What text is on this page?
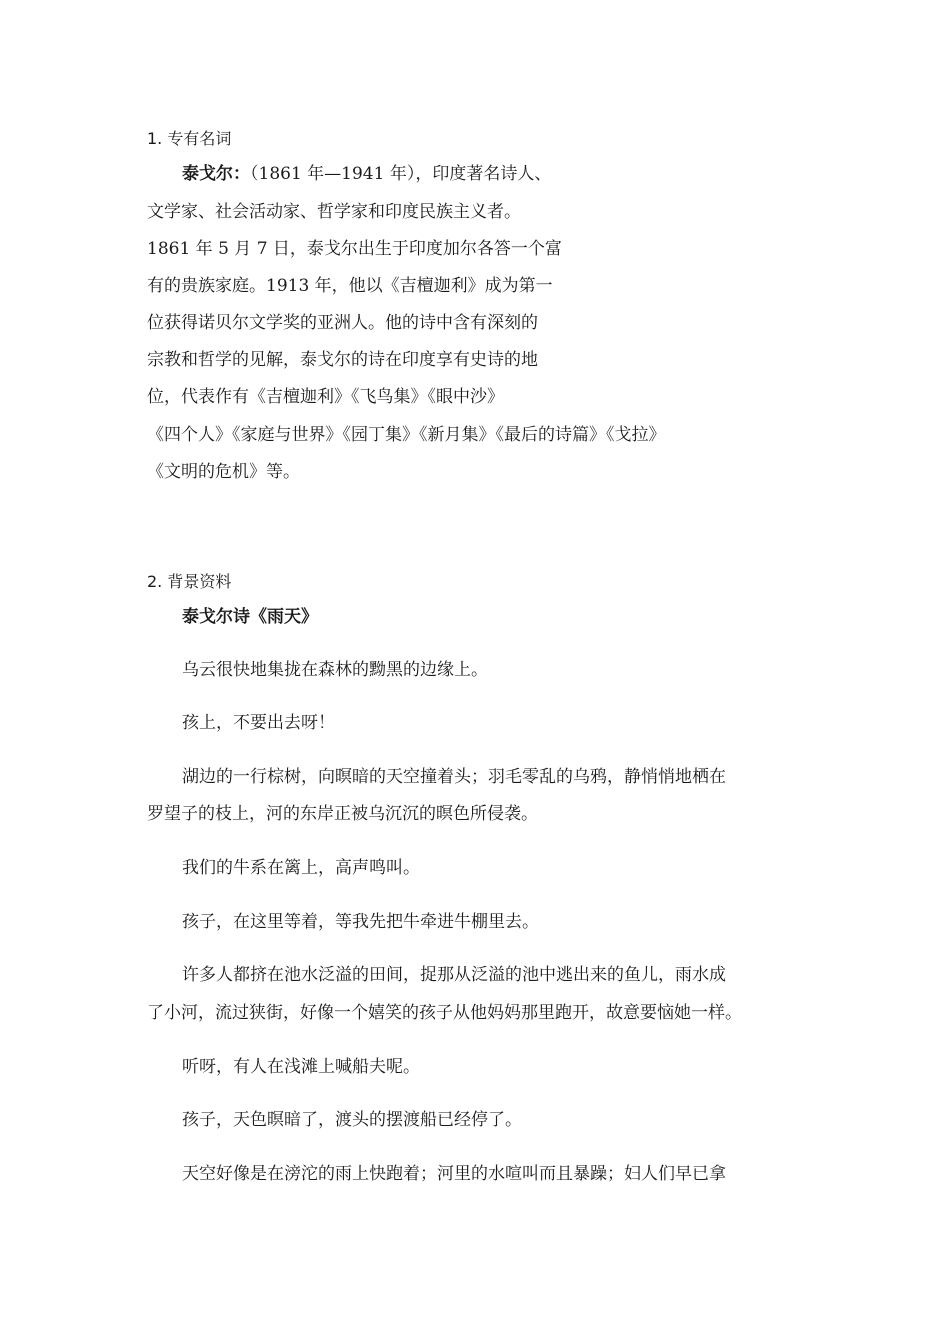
1. 专有名词
泰戈尔：（1861 年—1941 年），印度著名诗人、
文学家、社会活动家、哲学家和印度民族主义者。
1861 年 5 月 7 日，泰戈尔出生于印度加尔各答一个富
有的贵族家庭。1913 年，他以《吉檀迦利》成为第一
位获得诺贝尔文学奖的亚洲人。他的诗中含有深刻的
宗教和哲学的见解，泰戈尔的诗在印度享有史诗的地
位，代表作有《吉檀迦利》《飞鸟集》《眼中沙》
《四个人》《家庭与世界》《园丁集》《新月集》《最后的诗篇》《戈拉》
《文明的危机》等。
2. 背景资料
泰戈尔诗《雨天》
乌云很快地集拢在森林的黝黑的边缘上。
孩上，不要出去呀！
湖边的一行棕树，向暝暗的天空撞着头；羽毛零乱的乌鸦，静悄悄地栖在
罗望子的枝上，河的东岸正被乌沉沉的暝色所侵袭。
我们的牛系在篱上，高声鸣叫。
孩子，在这里等着，等我先把牛牵进牛棚里去。
许多人都挤在池水泛溢的田间，捉那从泛溢的池中逃出来的鱼儿，雨水成
了小河，流过狭街，好像一个嬉笑的孩子从他妈妈那里跑开，故意要恼她一样。
听呀，有人在浅滩上喊船夫呢。
孩子，天色暝暗了，渡头的摆渡船已经停了。
天空好像是在滂沱的雨上快跑着；河里的水喧叫而且暴躁；妇人们早已拿
